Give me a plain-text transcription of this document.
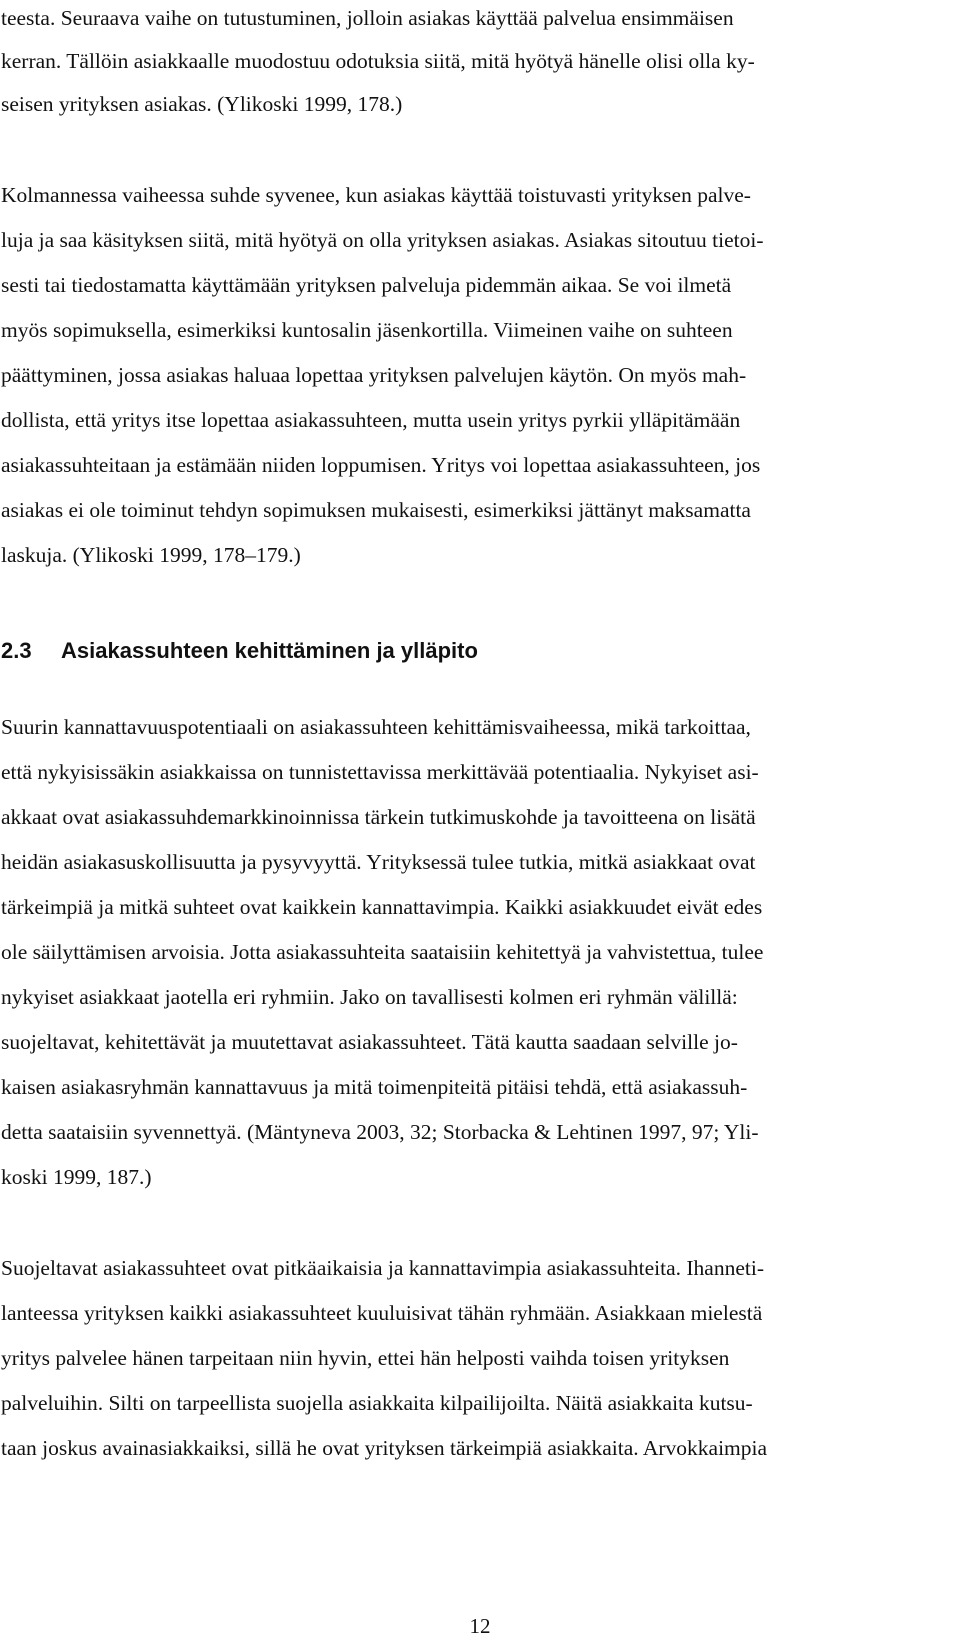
teesta. Seuraava vaihe on tutustuminen, jolloin asiakas käyttää palvelua ensimmäisen
kerran. Tällöin asiakkaalle muodostuu odotuksia siitä, mitä hyötyä hänelle olisi olla ky-
seisen yrityksen asiakas. (Ylikoski 1999, 178.)
Kolmannessa vaiheessa suhde syvenee, kun asiakas käyttää toistuvasti yrityksen palve-
luja ja saa käsityksen siitä, mitä hyötyä on olla yrityksen asiakas. Asiakas sitoutuu tietoi-
sesti tai tiedostamatta käyttämään yrityksen palveluja pidemmän aikaa. Se voi ilmetä
myös sopimuksella, esimerkiksi kuntosalin jäsenkortilla. Viimeinen vaihe on suhteen
päättyminen, jossa asiakas haluaa lopettaa yrityksen palvelujen käytön. On myös mah-
dollista, että yritys itse lopettaa asiakassuhteen, mutta usein yritys pyrkii ylläpitämään
asiakassuhteitaan ja estämään niiden loppumisen. Yritys voi lopettaa asiakassuhteen, jos
asiakas ei ole toiminut tehdyn sopimuksen mukaisesti, esimerkiksi jättänyt maksamatta
laskuja. (Ylikoski 1999, 178–179.)
2.3 Asiakassuhteen kehittäminen ja ylläpito
Suurin kannattavuuspotentiaali on asiakassuhteen kehittämisvaiheessa, mikä tarkoittaa,
että nykyisissäkin asiakkaissa on tunnistettavissa merkittävää potentiaalia. Nykyiset asi-
akkaat ovat asiakassuhdemarkkinoinnissa tärkein tutkimuskohde ja tavoitteena on lisätä
heidän asiakasuskollisuutta ja pysyvyyttä. Yrityksessä tulee tutkia, mitkä asiakkaat ovat
tärkeimpiä ja mitkä suhteet ovat kaikkein kannattavimpia. Kaikki asiakkuudet eivät edes
ole säilyttämisen arvoisia. Jotta asiakassuhteita saataisiin kehitettyä ja vahvistettua, tulee
nykyiset asiakkaat jaotella eri ryhmiin. Jako on tavallisesti kolmen eri ryhmän välillä:
suojeltavat, kehitettävät ja muutettavat asiakassuhteet. Tätä kautta saadaan selville jo-
kaisen asiakasryhmän kannattavuus ja mitä toimenpiteitä pitäisi tehdä, että asiakassuh-
detta saataisiin syvennettyä. (Mäntyneva 2003, 32; Storbacka & Lehtinen 1997, 97; Yli-
koski 1999, 187.)
Suojeltavat asiakassuhteet ovat pitkäaikaisia ja kannattavimpia asiakassuhteita. Ihanneti-
lanteessa yrityksen kaikki asiakassuhteet kuuluisivat tähän ryhmään. Asiakkaan mielestä
yritys palvelee hänen tarpeitaan niin hyvin, ettei hän helposti vaihda toisen yrityksen
palveluihin. Silti on tarpeellista suojella asiakkaita kilpailijoilta. Näitä asiakkaita kutsu-
taan joskus avainasiakkaiksi, sillä he ovat yrityksen tärkeimpiä asiakkaita. Arvokkaimpia
12
